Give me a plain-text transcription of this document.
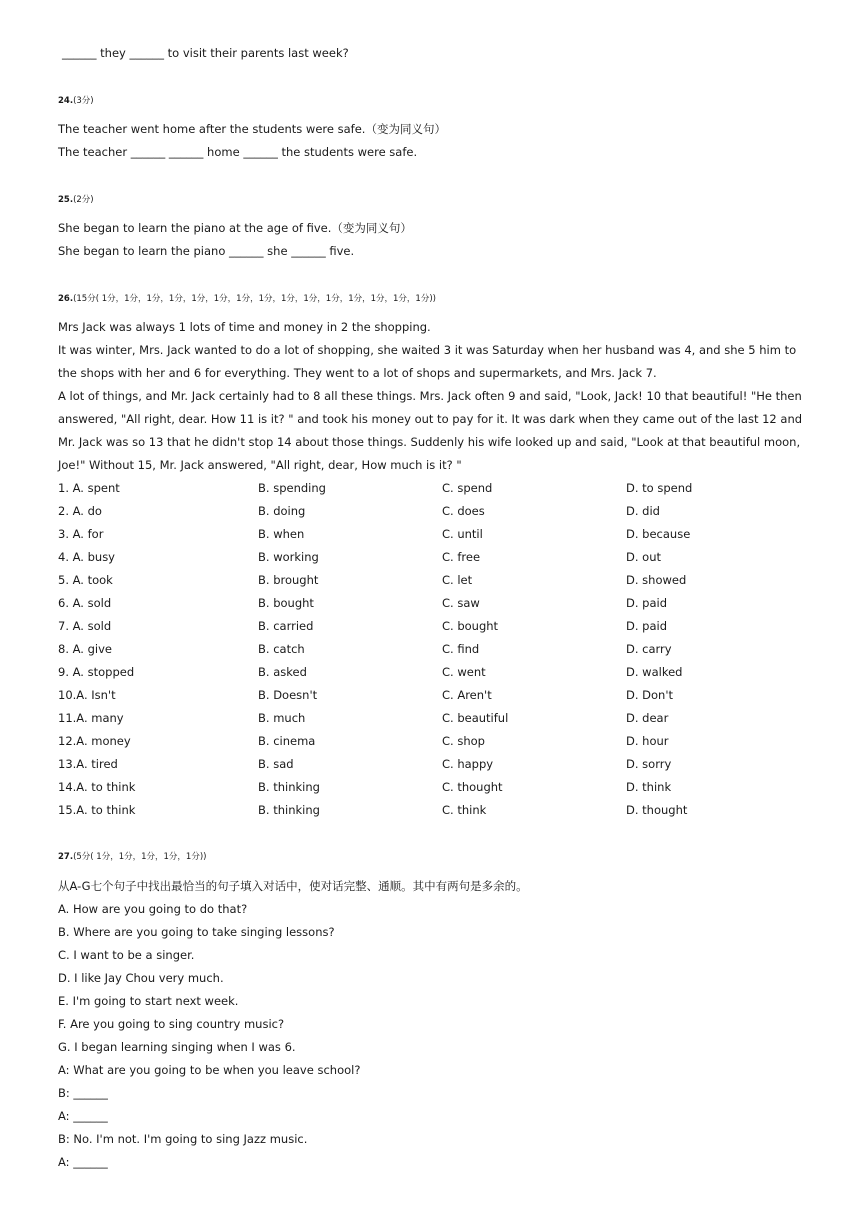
______ they ______ to visit their parents last week?
24.(3分)
The teacher went home after the students were safe.（变为同义句）
The teacher ______ ______ home ______ the students were safe.
25.(2分)
She began to learn the piano at the age of five.（变为同义句）
She began to learn the piano ______ she ______ five.
26.(15分( 1分，1分，1分，1分，1分，1分，1分，1分，1分，1分，1分，1分，1分，1分，1分))

Mrs Jack was always 1 lots of time and money in 2 the shopping.

It was winter, Mrs. Jack wanted to do a lot of shopping, she waited 3 it was Saturday when her husband was 4, and she 5 him to the shops with her and 6 for everything. They went to a lot of shops and supermarkets, and Mrs. Jack 7.

A lot of things, and Mr. Jack certainly had to 8 all these things. Mrs. Jack often 9 and said, "Look, Jack! 10 that beautiful! "He then answered, "All right, dear. How 11 is it? " and took his money out to pay for it. It was dark when they came out of the last 12 and Mr. Jack was so 13 that he didn't stop 14 about those things. Suddenly his wife looked up and said, "Look at that beautiful moon, Joe!" Without 15, Mr. Jack answered, "All right, dear, How much is it? "

1. A. spent	B. spending	C. spend	D. to spend
2. A. do	B. doing	C. does	D. did
3. A. for	B. when	C. until	D. because
4. A. busy	B. working	C. free	D. out
5. A. took	B. brought	C. let	D. showed
6. A. sold	B. bought	C. saw	D. paid
7. A. sold	B. carried	C. bought	D. paid
8. A. give	B. catch	C. find	D. carry
9. A. stopped	B. asked	C. went	D. walked
10.A. Isn't	B. Doesn't	C. Aren't	D. Don't
11.A. many	B. much	C. beautiful	D. dear
12.A. money	B. cinema	C. shop	D. hour
13.A. tired	B. sad	C. happy	D. sorry
14.A. to think	B. thinking	C. thought	D. think
15.A. to think	B. thinking	C. think	D. thought
27.(5分( 1分，1分，1分，1分，1分))
从A-G七个句子中找出最恰当的句子填入对话中，使对话完整、通顺。其中有两句是多余的。
A. How are you going to do that?
B. Where are you going to take singing lessons?
C. I want to be a singer.
D. I like Jay Chou very much.
E. I'm going to start next week.
F. Are you going to sing country music?
G. I began learning singing when I was 6.
A: What are you going to be when you leave school?
B: ______
A: ______
B: No. I'm not. I'm going to sing Jazz music.
A: ______
